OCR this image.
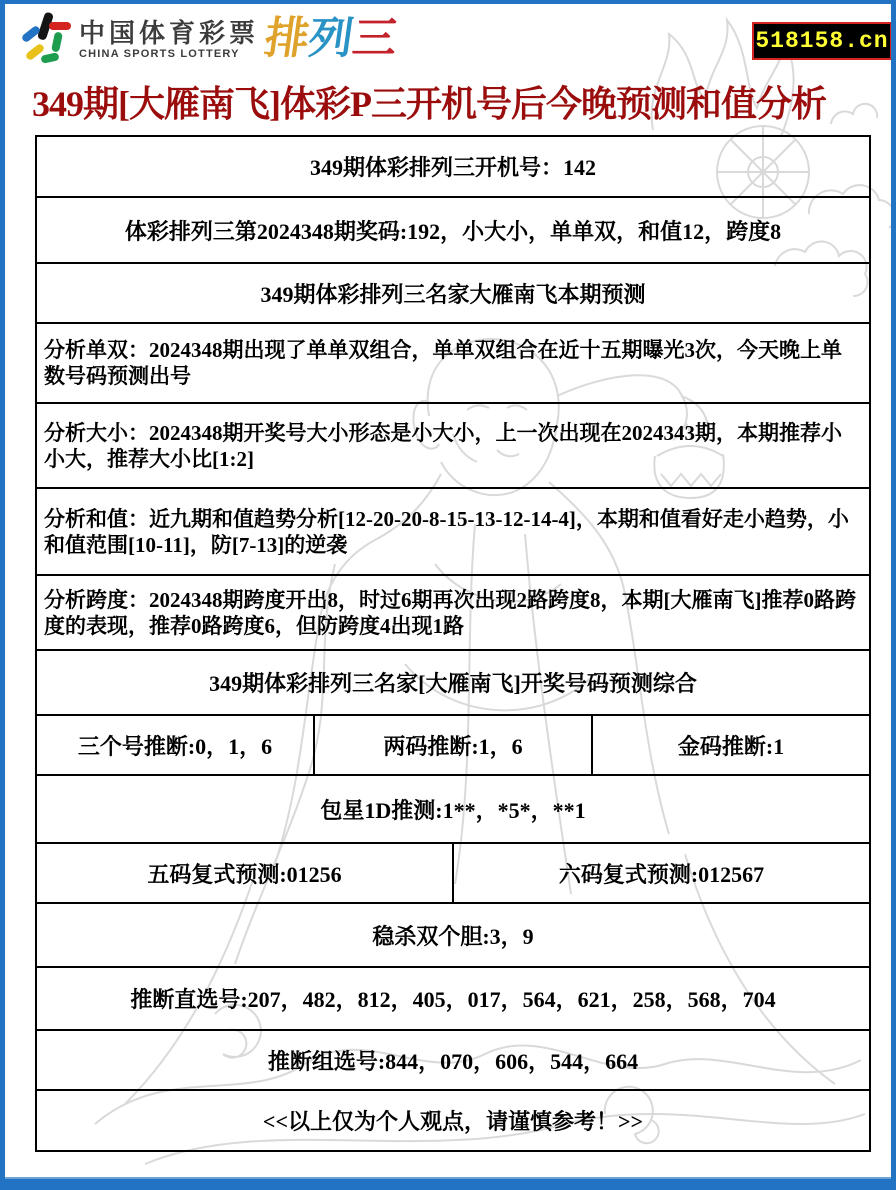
中国体育彩票
CHINA SPORTS LOTTERY 排
列
三	518158.cn
349期[大雁南飞]体彩P三开机号后今晚预测和值分析
349期体彩排列三开机号：142
体彩排列三第2024348期奖码:192，小大小，单单双，和值12，跨度8
349期体彩排列三名家大雁南飞本期预测
分析单双：2024348期出现了单单双组合，单单双组合在近十五期曝光3次，今天晚上单数号码预测出号
分析大小：2024348期开奖号大小形态是小大小，上一次出现在2024343期，本期推荐小小大，推荐大小比[1:2]
分析和值：近九期和值趋势分析[12-20-20-8-15-13-12-14-4]，本期和值看好走小趋势，小和值范围[10-11]，防[7-13]的逆袭
分析跨度：2024348期跨度开出8，时过6期再次出现2路跨度8，本期[大雁南飞]推荐0路跨度的表现，推荐0路跨度6，但防跨度4出现1路
349期体彩排列三名家[大雁南飞]开奖号码预测综合
三个号推断:0，1，6	两码推断:1，6	金码推断:1
包星1D推测:1**，*5*，**1
五码复式预测:01256	六码复式预测:012567
稳杀双个胆:3，9
推断直选号:207，482，812，405，017，564，621，258，568，704
推断组选号:844，070，606，544，664
<<以上仅为个人观点，请谨慎参考！>>
